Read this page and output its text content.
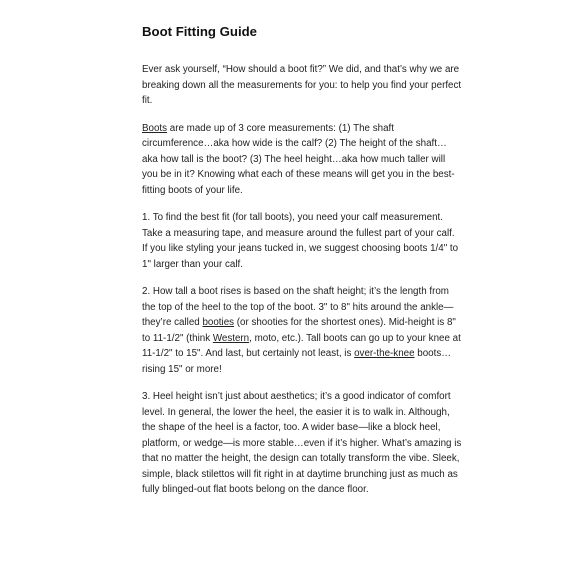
Boot Fitting Guide

Ever ask yourself, “How should a boot fit?” We did, and that’s why we are breaking down all the measurements for you: to help you find your perfect fit.

Boots are made up of 3 core measurements: (1) The shaft circumference…aka how wide is the calf? (2) The height of the shaft…aka how tall is the boot? (3) The heel height…aka how much taller will you be in it? Knowing what each of these means will get you in the best-fitting boots of your life.

1. To find the best fit (for tall boots), you need your calf measurement. Take a measuring tape, and measure around the fullest part of your calf. If you like styling your jeans tucked in, we suggest choosing boots 1/4" to 1" larger than your calf.

2. How tall a boot rises is based on the shaft height; it’s the length from the top of the heel to the top of the boot. 3" to 8" hits around the ankle—they’re called booties (or shooties for the shortest ones). Mid-height is 8" to 11-1/2" (think Western, moto, etc.). Tall boots can go up to your knee at 11-1/2" to 15". And last, but certainly not least, is over-the-knee boots…rising 15" or more!

3. Heel height isn’t just about aesthetics; it’s a good indicator of comfort level. In general, the lower the heel, the easier it is to walk in. Although, the shape of the heel is a factor, too. A wider base—like a block heel, platform, or wedge—is more stable…even if it’s higher. What’s amazing is that no matter the height, the design can totally transform the vibe. Sleek, simple, black stilettos will fit right in at daytime brunching just as much as fully blinged-out flat boots belong on the dance floor.
